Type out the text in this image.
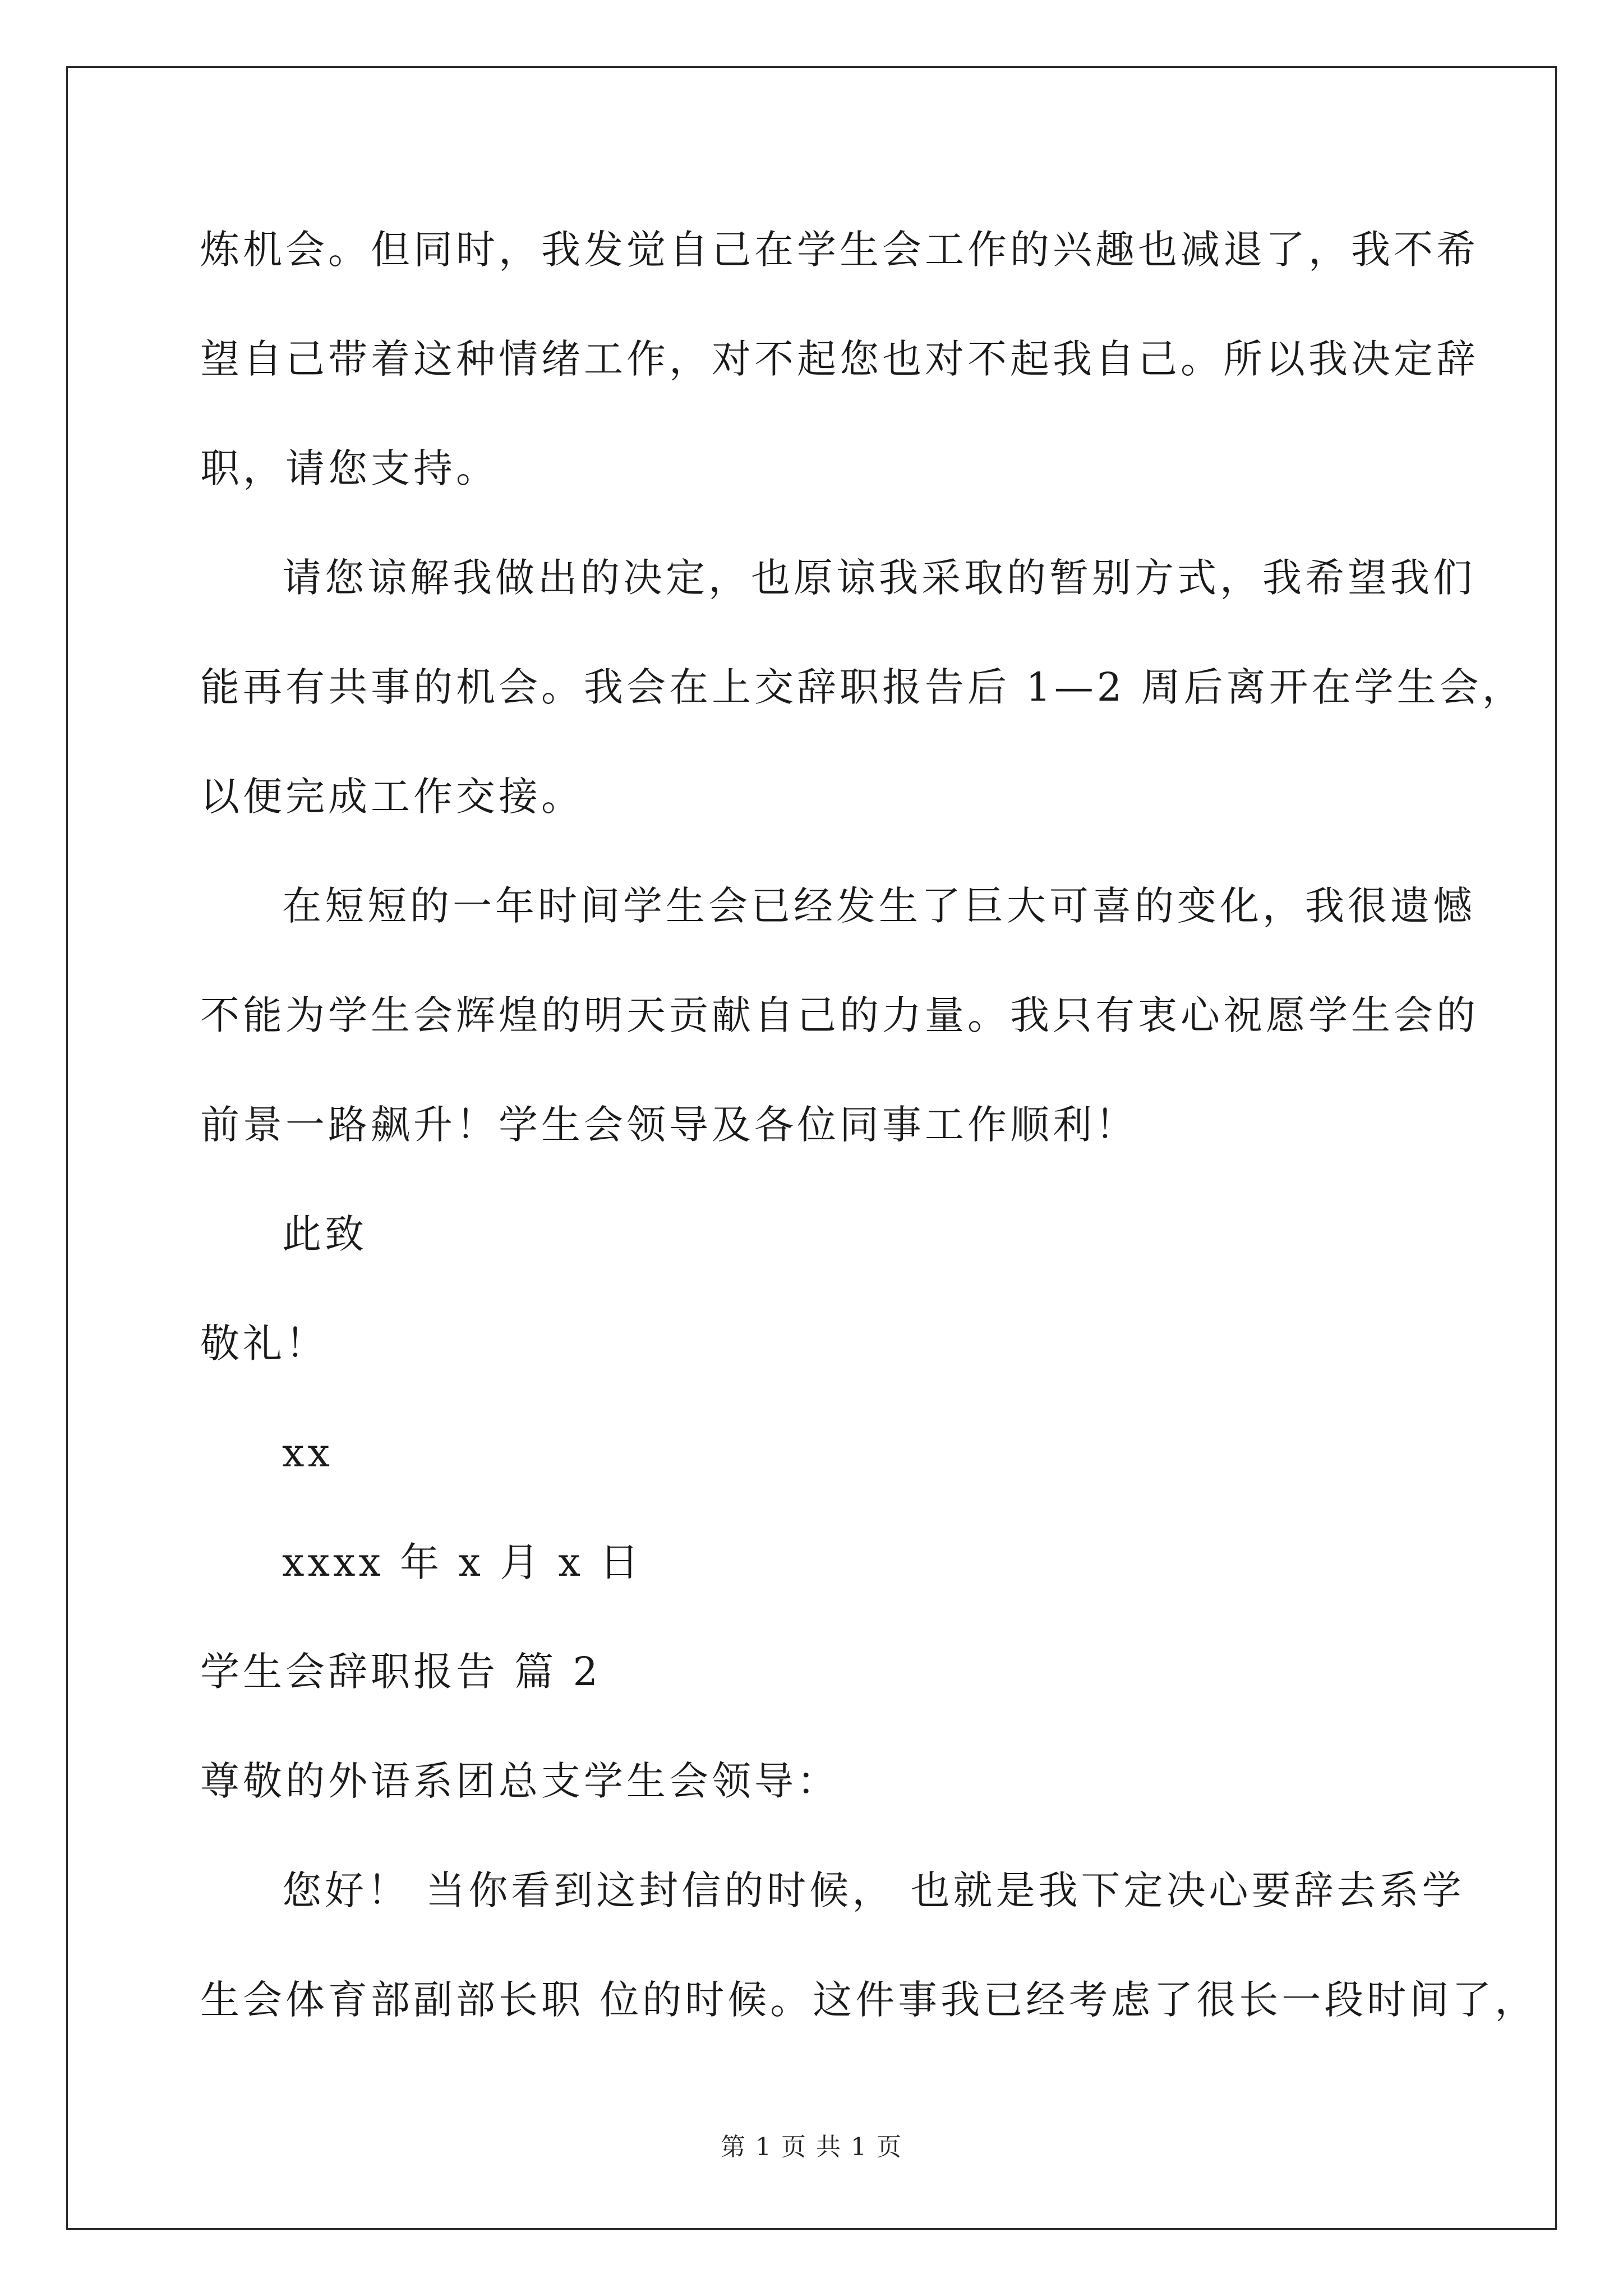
炼机会。但同时，我发觉自己在学生会工作的兴趣也减退了，我不希
望自己带着这种情绪工作，对不起您也对不起我自己。所以我决定辞
职，请您支持。
请您谅解我做出的决定，也原谅我采取的暂别方式，我希望我们
能再有共事的机会。我会在上交辞职报告后 1—2 周后离开在学生会，
以便完成工作交接。
在短短的一年时间学生会已经发生了巨大可喜的变化，我很遗憾
不能为学生会辉煌的明天贡献自己的力量。我只有衷心祝愿学生会的
前景一路飙升！学生会领导及各位同事工作顺利！
此致
敬礼！
xx
xxxx 年 x 月 x 日
学生会辞职报告 篇 2
尊敬的外语系团总支学生会领导：
您好！ 当你看到这封信的时候， 也就是我下定决心要辞去系学
生会体育部副部长职 位的时候。这件事我已经考虑了很长一段时间了，
第 1 页 共 1 页
